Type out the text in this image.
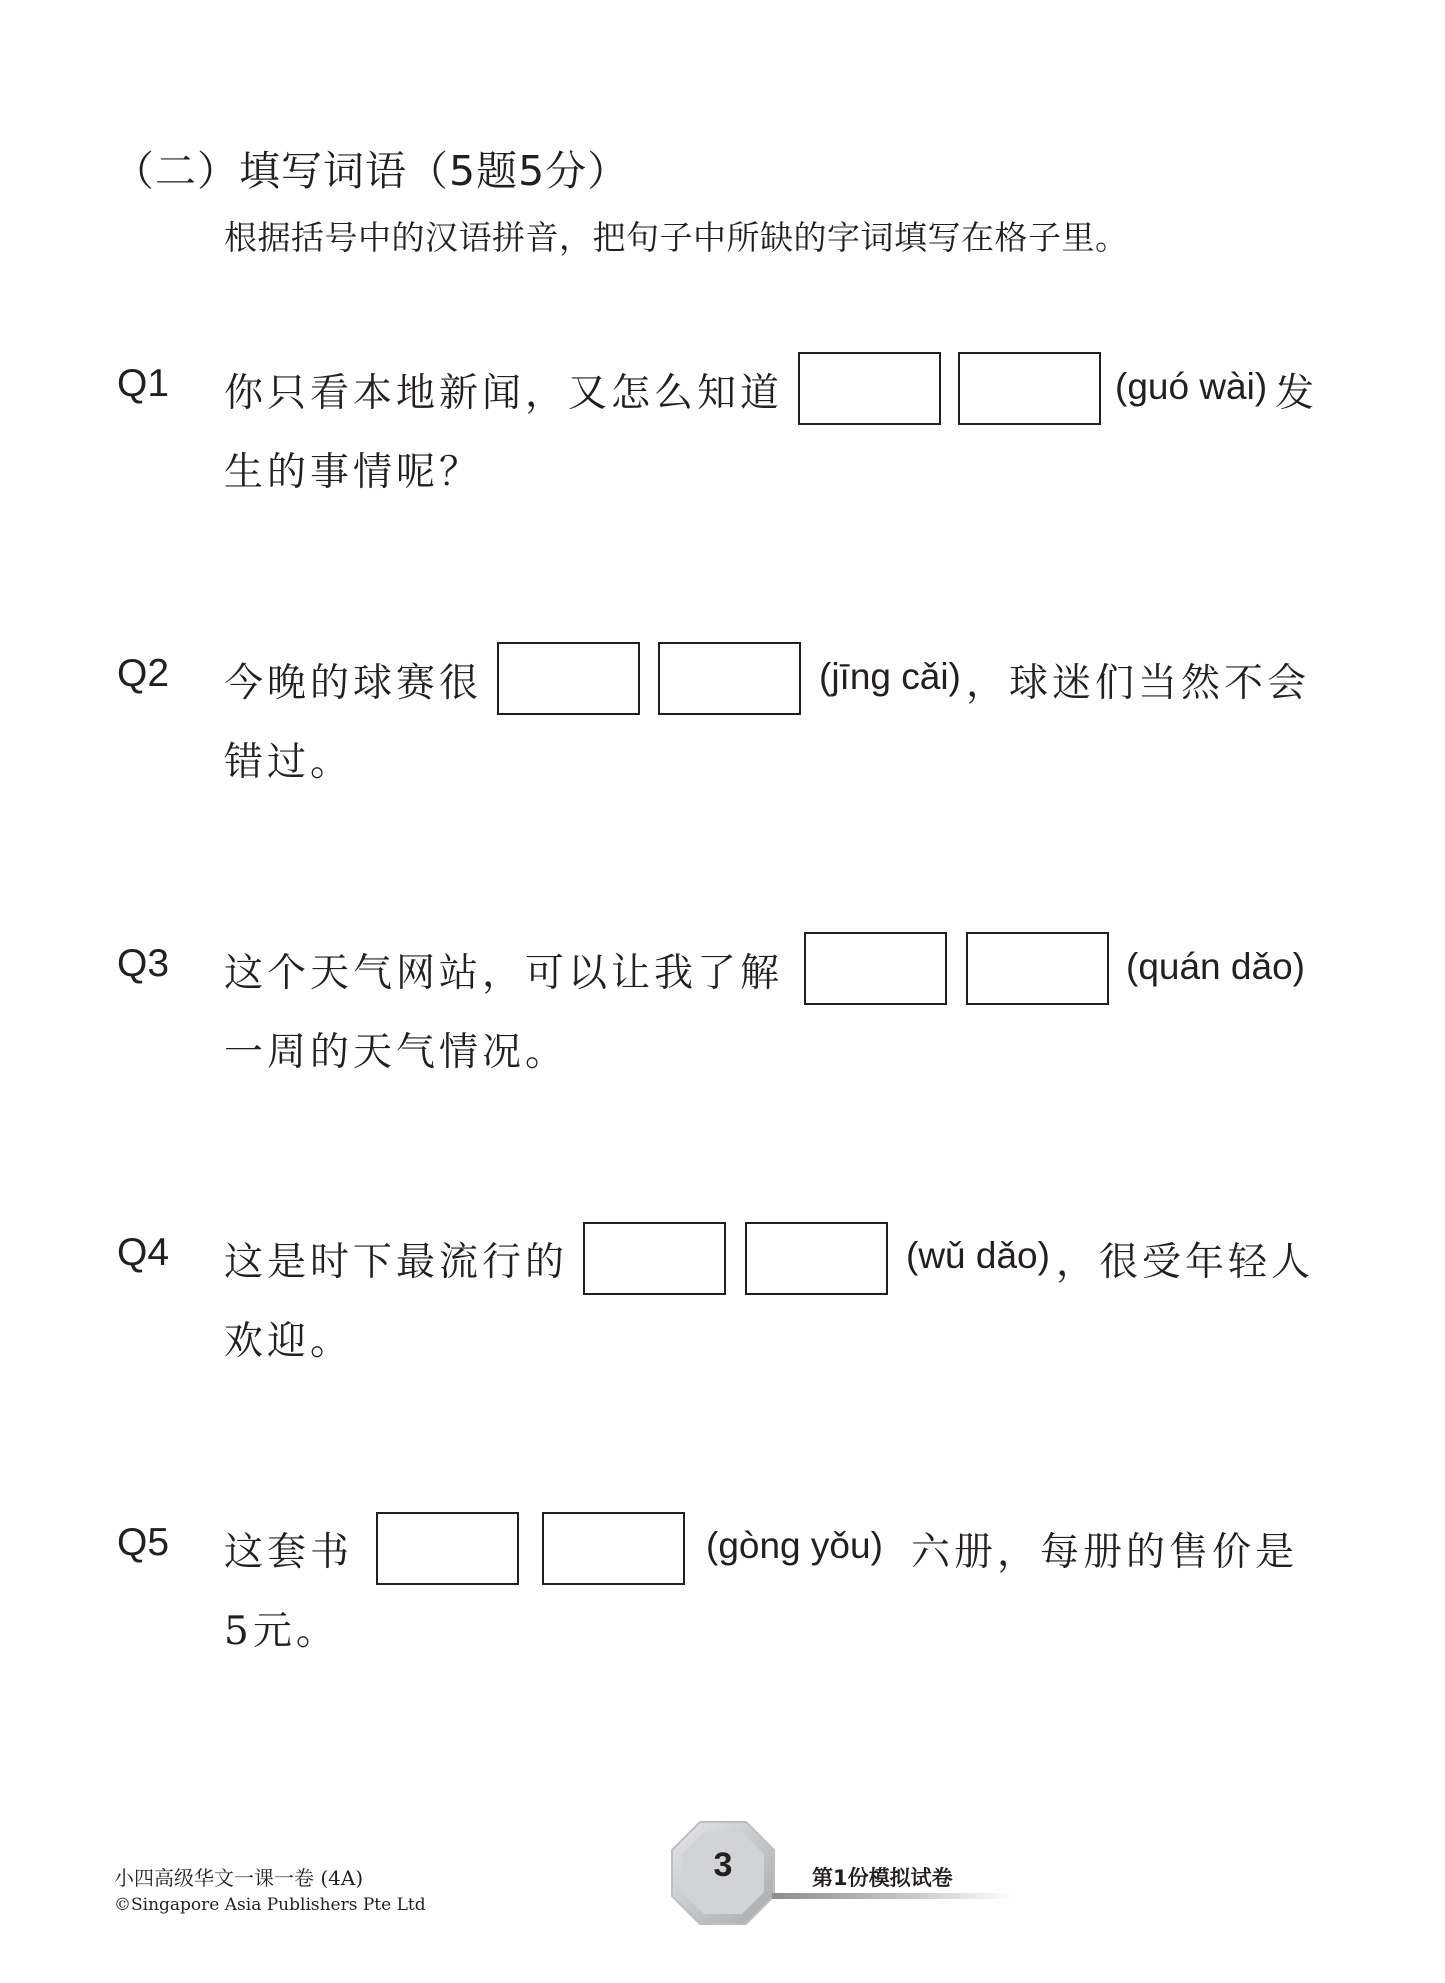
（二）填写词语（5题5分）
根据括号中的汉语拼音，把句子中所缺的字词填写在格子里。
Q1 你只看本地新闻，又怎么知道	(guó wài) 发
生的事情呢？
Q2 今晚的球赛很	(jīng cǎi) ，球迷们当然不会
错过。
Q3 这个天气网站，可以让我了解	(quán dǎo)
一周的天气情况。
Q4 这是时下最流行的	(wǔ dǎo) ，很受年轻人
欢迎。
Q5 这套书	(gòng yǒu) 六册，每册的售价是
5元。
小四高级华文一课一卷 (4A)
©Singapore Asia Publishers Pte Ltd
3	第1份模拟试卷
